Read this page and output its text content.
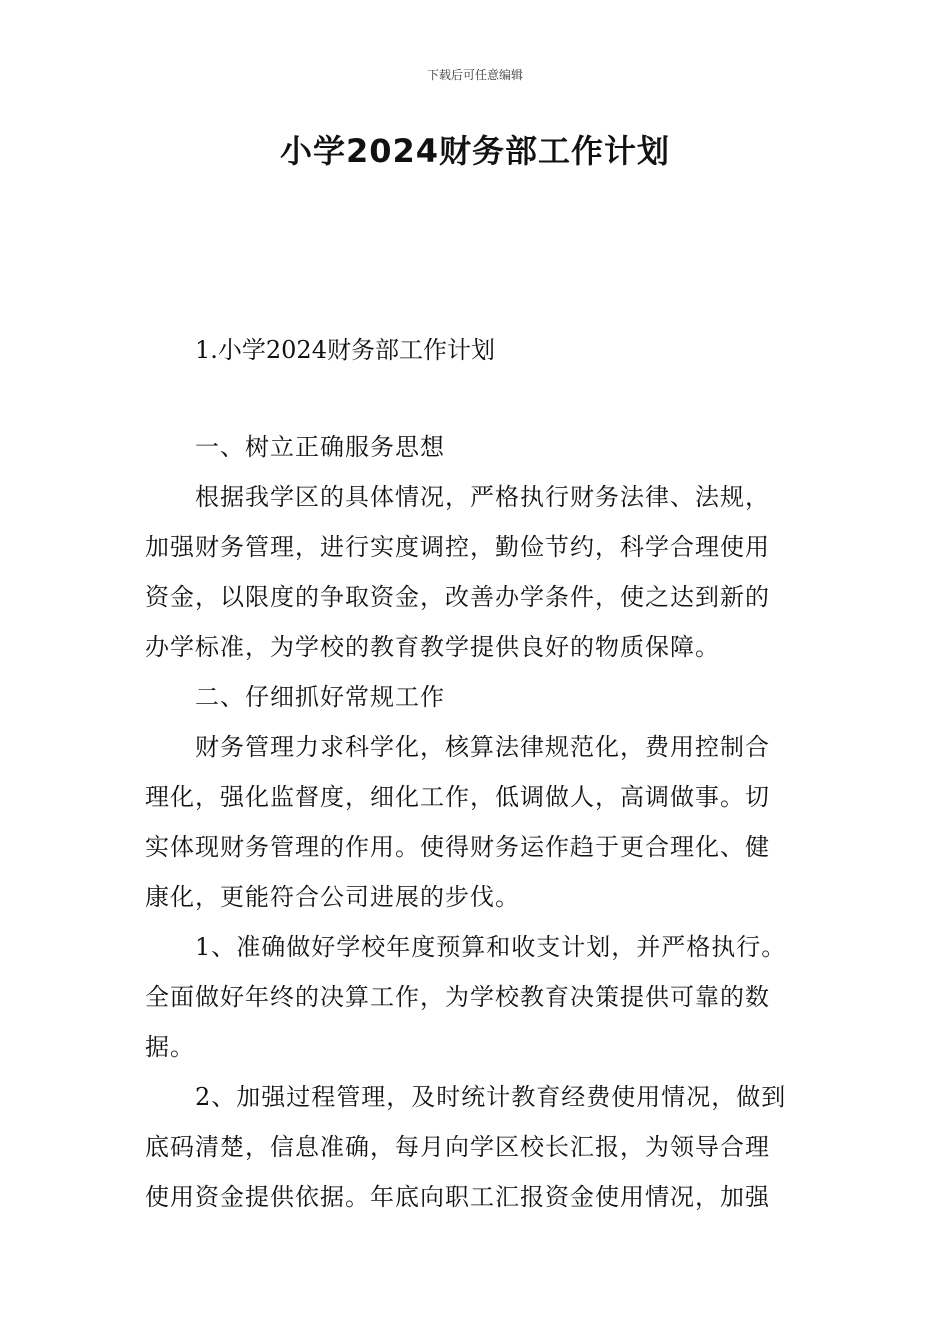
下载后可任意编辑
小学2024财务部工作计划
1.小学2024财务部工作计划
一、树立正确服务思想
根据我学区的具体情况，严格执行财务法律、法规，
加强财务管理，进行实度调控，勤俭节约，科学合理使用
资金，以限度的争取资金，改善办学条件，使之达到新的
办学标准，为学校的教育教学提供良好的物质保障。
二、仔细抓好常规工作
财务管理力求科学化，核算法律规范化，费用控制合
理化，强化监督度，细化工作，低调做人，高调做事。切
实体现财务管理的作用。使得财务运作趋于更合理化、健
康化，更能符合公司进展的步伐。
1、准确做好学校年度预算和收支计划，并严格执行。
全面做好年终的决算工作，为学校教育决策提供可靠的数
据。
2、加强过程管理，及时统计教育经费使用情况，做到
底码清楚，信息准确，每月向学区校长汇报，为领导合理
使用资金提供依据。年底向职工汇报资金使用情况，加强
